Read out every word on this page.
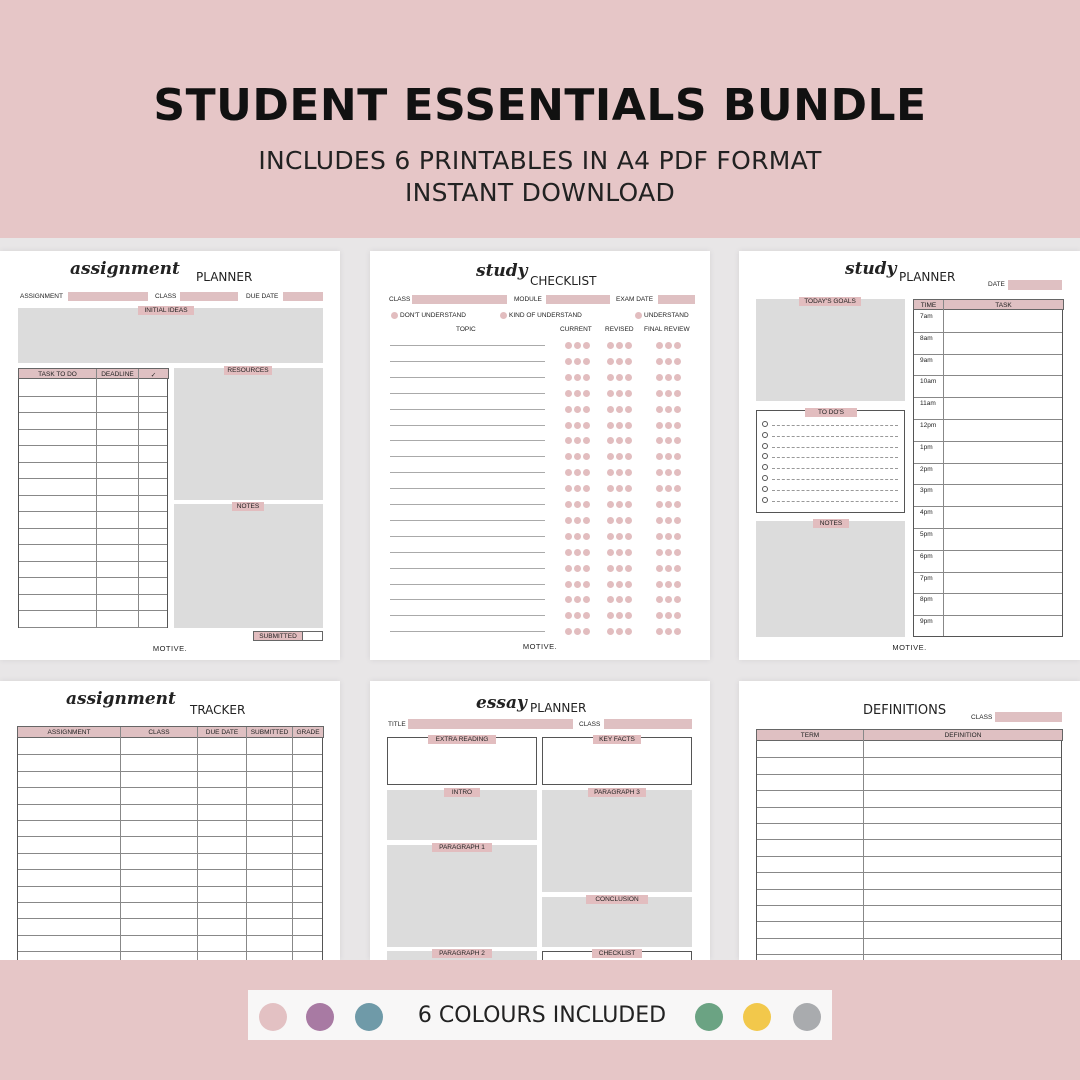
STUDENT ESSENTIALS BUNDLE
INCLUDES 6 PRINTABLES IN A4 PDF FORMAT
INSTANT DOWNLOAD
assignment PLANNER
ASSIGNMENT	CLASS	DUE DATE
INITIAL IDEAS
TASK TO DO	DEADLINE	✓
RESOURCES
NOTES
SUBMITTED
MOTIVE.
study CHECKLIST
CLASS	MODULE	EXAM DATE
DON'T UNDERSTAND	KIND OF UNDERSTAND	UNDERSTAND
TOPIC	CURRENT REVISED FINAL REVIEW
MOTIVE.
study PLANNER
DATE
TODAY'S GOALS
TO DO'S
NOTES
TIME	TASK
7am
8am
9am
10am
11am
12pm
1pm
2pm
3pm
4pm
5pm
6pm
7pm
8pm
9pm
MOTIVE.
assignment
TRACKER
ASSIGNMENT	CLASS	DUE DATE	SUBMITTED	GRADE
essay PLANNER
TITLE	CLASS
EXTRA READING	KEY FACTS
INTRO	PARAGRAPH 3
PARAGRAPH 1
CONCLUSION
PARAGRAPH 2	CHECKLIST
DEFINITIONS	CLASS
TERM	DEFINITION
6 COLOURS INCLUDED
